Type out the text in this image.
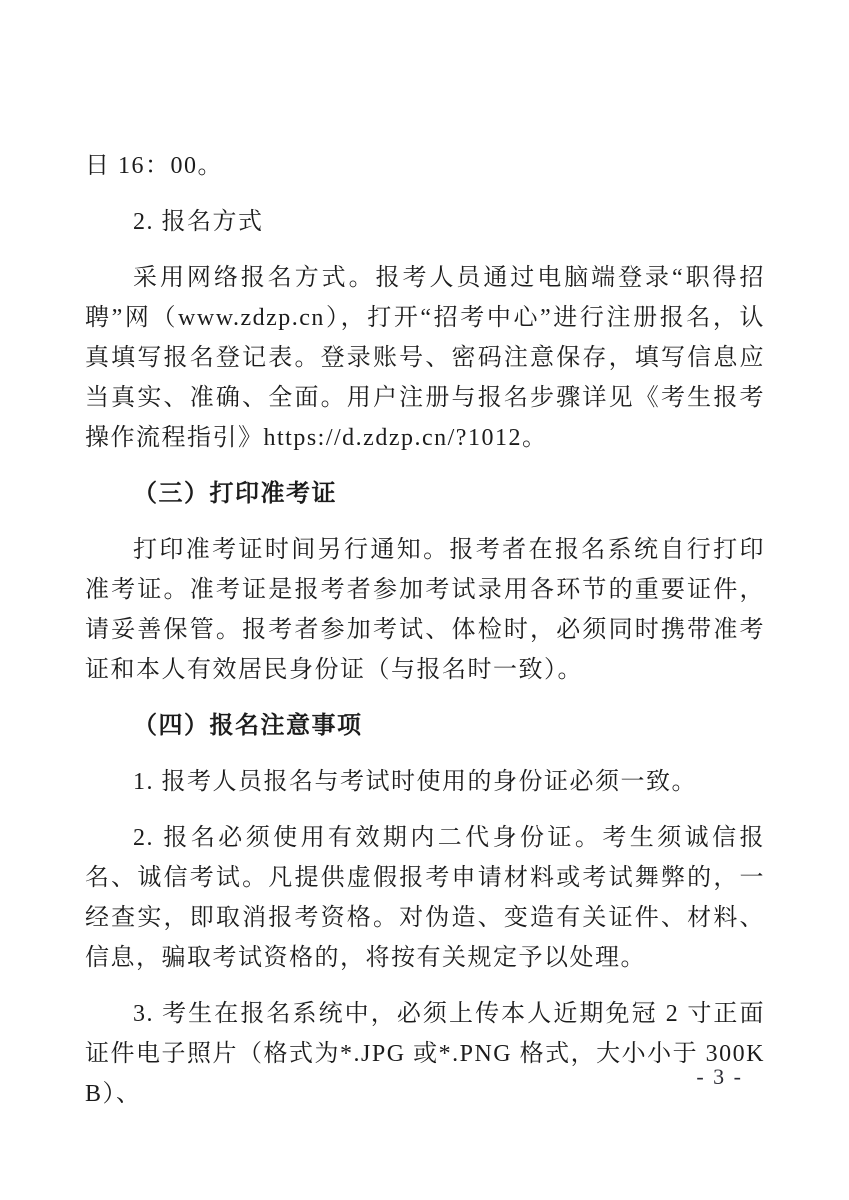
日 16：00。

2. 报名方式

采用网络报名方式。报考人员通过电脑端登录“职得招聘”网（www.zdzp.cn），打开“招考中心”进行注册报名，认真填写报名登记表。登录账号、密码注意保存，填写信息应当真实、准确、全面。用户注册与报名步骤详见《考生报考操作流程指引》https://d.zdzp.cn/?1012。

（三）打印准考证

打印准考证时间另行通知。报考者在报名系统自行打印准考证。准考证是报考者参加考试录用各环节的重要证件，请妥善保管。报考者参加考试、体检时，必须同时携带准考证和本人有效居民身份证（与报名时一致）。

（四）报名注意事项

1. 报考人员报名与考试时使用的身份证必须一致。

2. 报名必须使用有效期内二代身份证。考生须诚信报名、诚信考试。凡提供虚假报考申请材料或考试舞弊的，一经查实，即取消报考资格。对伪造、变造有关证件、材料、信息，骗取考试资格的，将按有关规定予以处理。

3. 考生在报名系统中，必须上传本人近期免冠 2 寸正面证件电子照片（格式为*.JPG 或*.PNG 格式，大小小于 300KB）、

- 3 -
